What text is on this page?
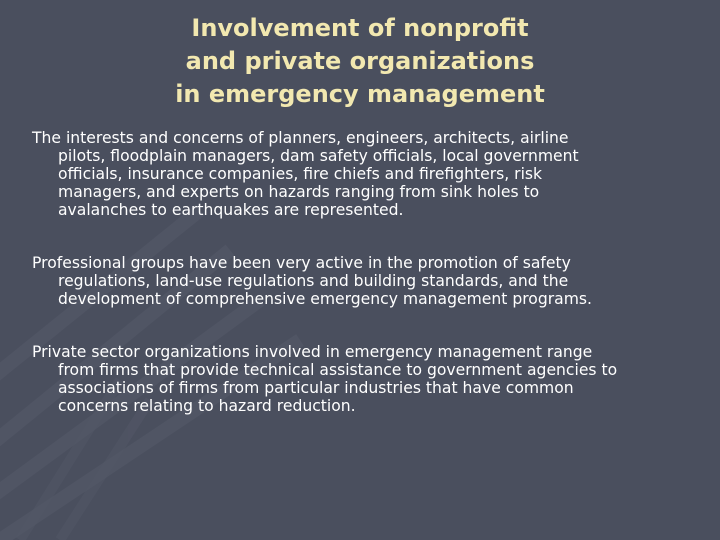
Involvement of nonprofit
and private organizations
in emergency management

The interests and concerns of planners, engineers, architects, airline
pilots, floodplain managers, dam safety officials, local government
officials, insurance companies, fire chiefs and firefighters, risk
managers, and experts on hazards ranging from sink holes to
avalanches to earthquakes are represented.

Professional groups have been very active in the promotion of safety
regulations, land-use regulations and building standards, and the
development of comprehensive emergency management programs.

Private sector organizations involved in emergency management range
from firms that provide technical assistance to government agencies to
associations of firms from particular industries that have common
concerns relating to hazard reduction.
